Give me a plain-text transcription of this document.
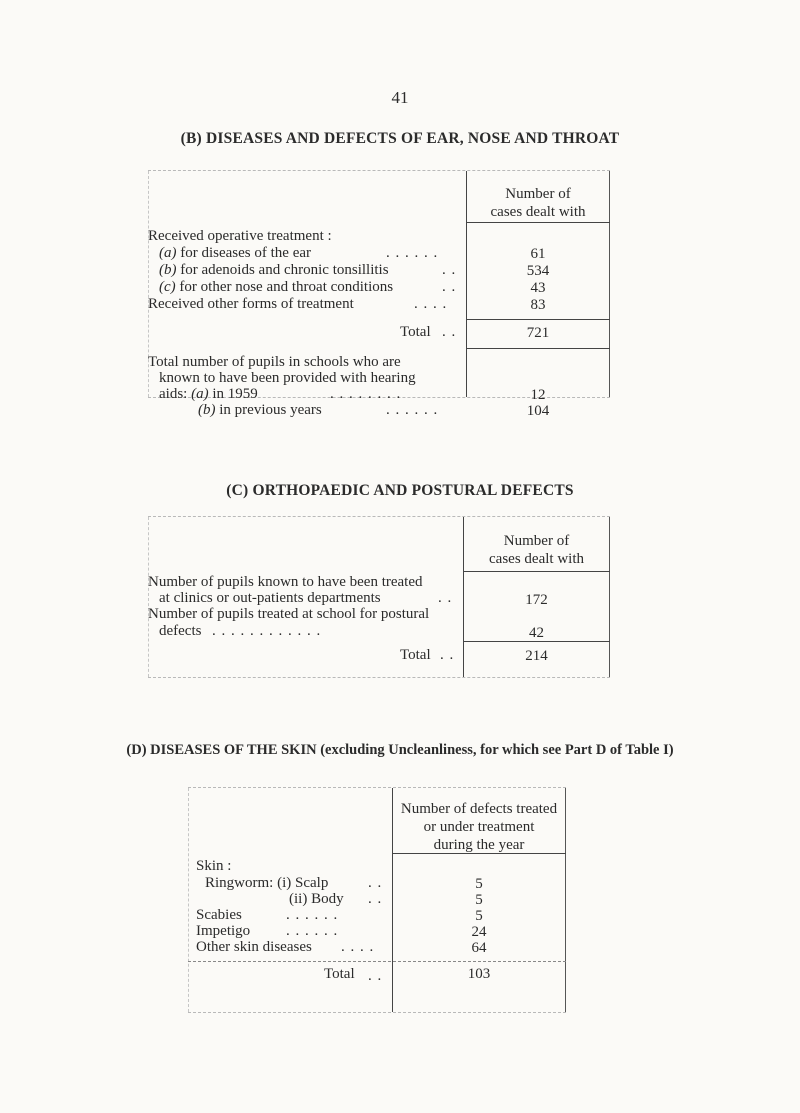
41
(B) DISEASES AND DEFECTS OF EAR, NOSE AND THROAT
Number of
cases dealt with
Received operative treatment :
(a) for diseases of the ear	. . . . . .	61
(b) for adenoids and chronic tonsillitis	. .	534
(c) for other nose and throat conditions	. .	43
Received other forms of treatment	. . . .	83
Total . .	721
Total number of pupils in schools who are
known to have been provided with hearing
aids: (a) in 1959	. . . . . . . .	12
(b) in previous years	. . . . . .	104
(C) ORTHOPAEDIC AND POSTURAL DEFECTS
Number of
cases dealt with
Number of pupils known to have been treated
at clinics or out-patients departments	. .	172
Number of pupils treated at school for postural
defects . . . . . . . . . . . .	42
Total . .	214
(D) DISEASES OF THE SKIN (excluding Uncleanliness, for which see Part D of Table I)
Number of defects treated
or under treatment
during the year
Skin :
Ringworm: (i) Scalp	. .	5
(ii) Body . .	5
Scabies	. . . . . .	5
Impetigo . . . . . .	24
Other skin diseases . . . .	64
Total . .	103
